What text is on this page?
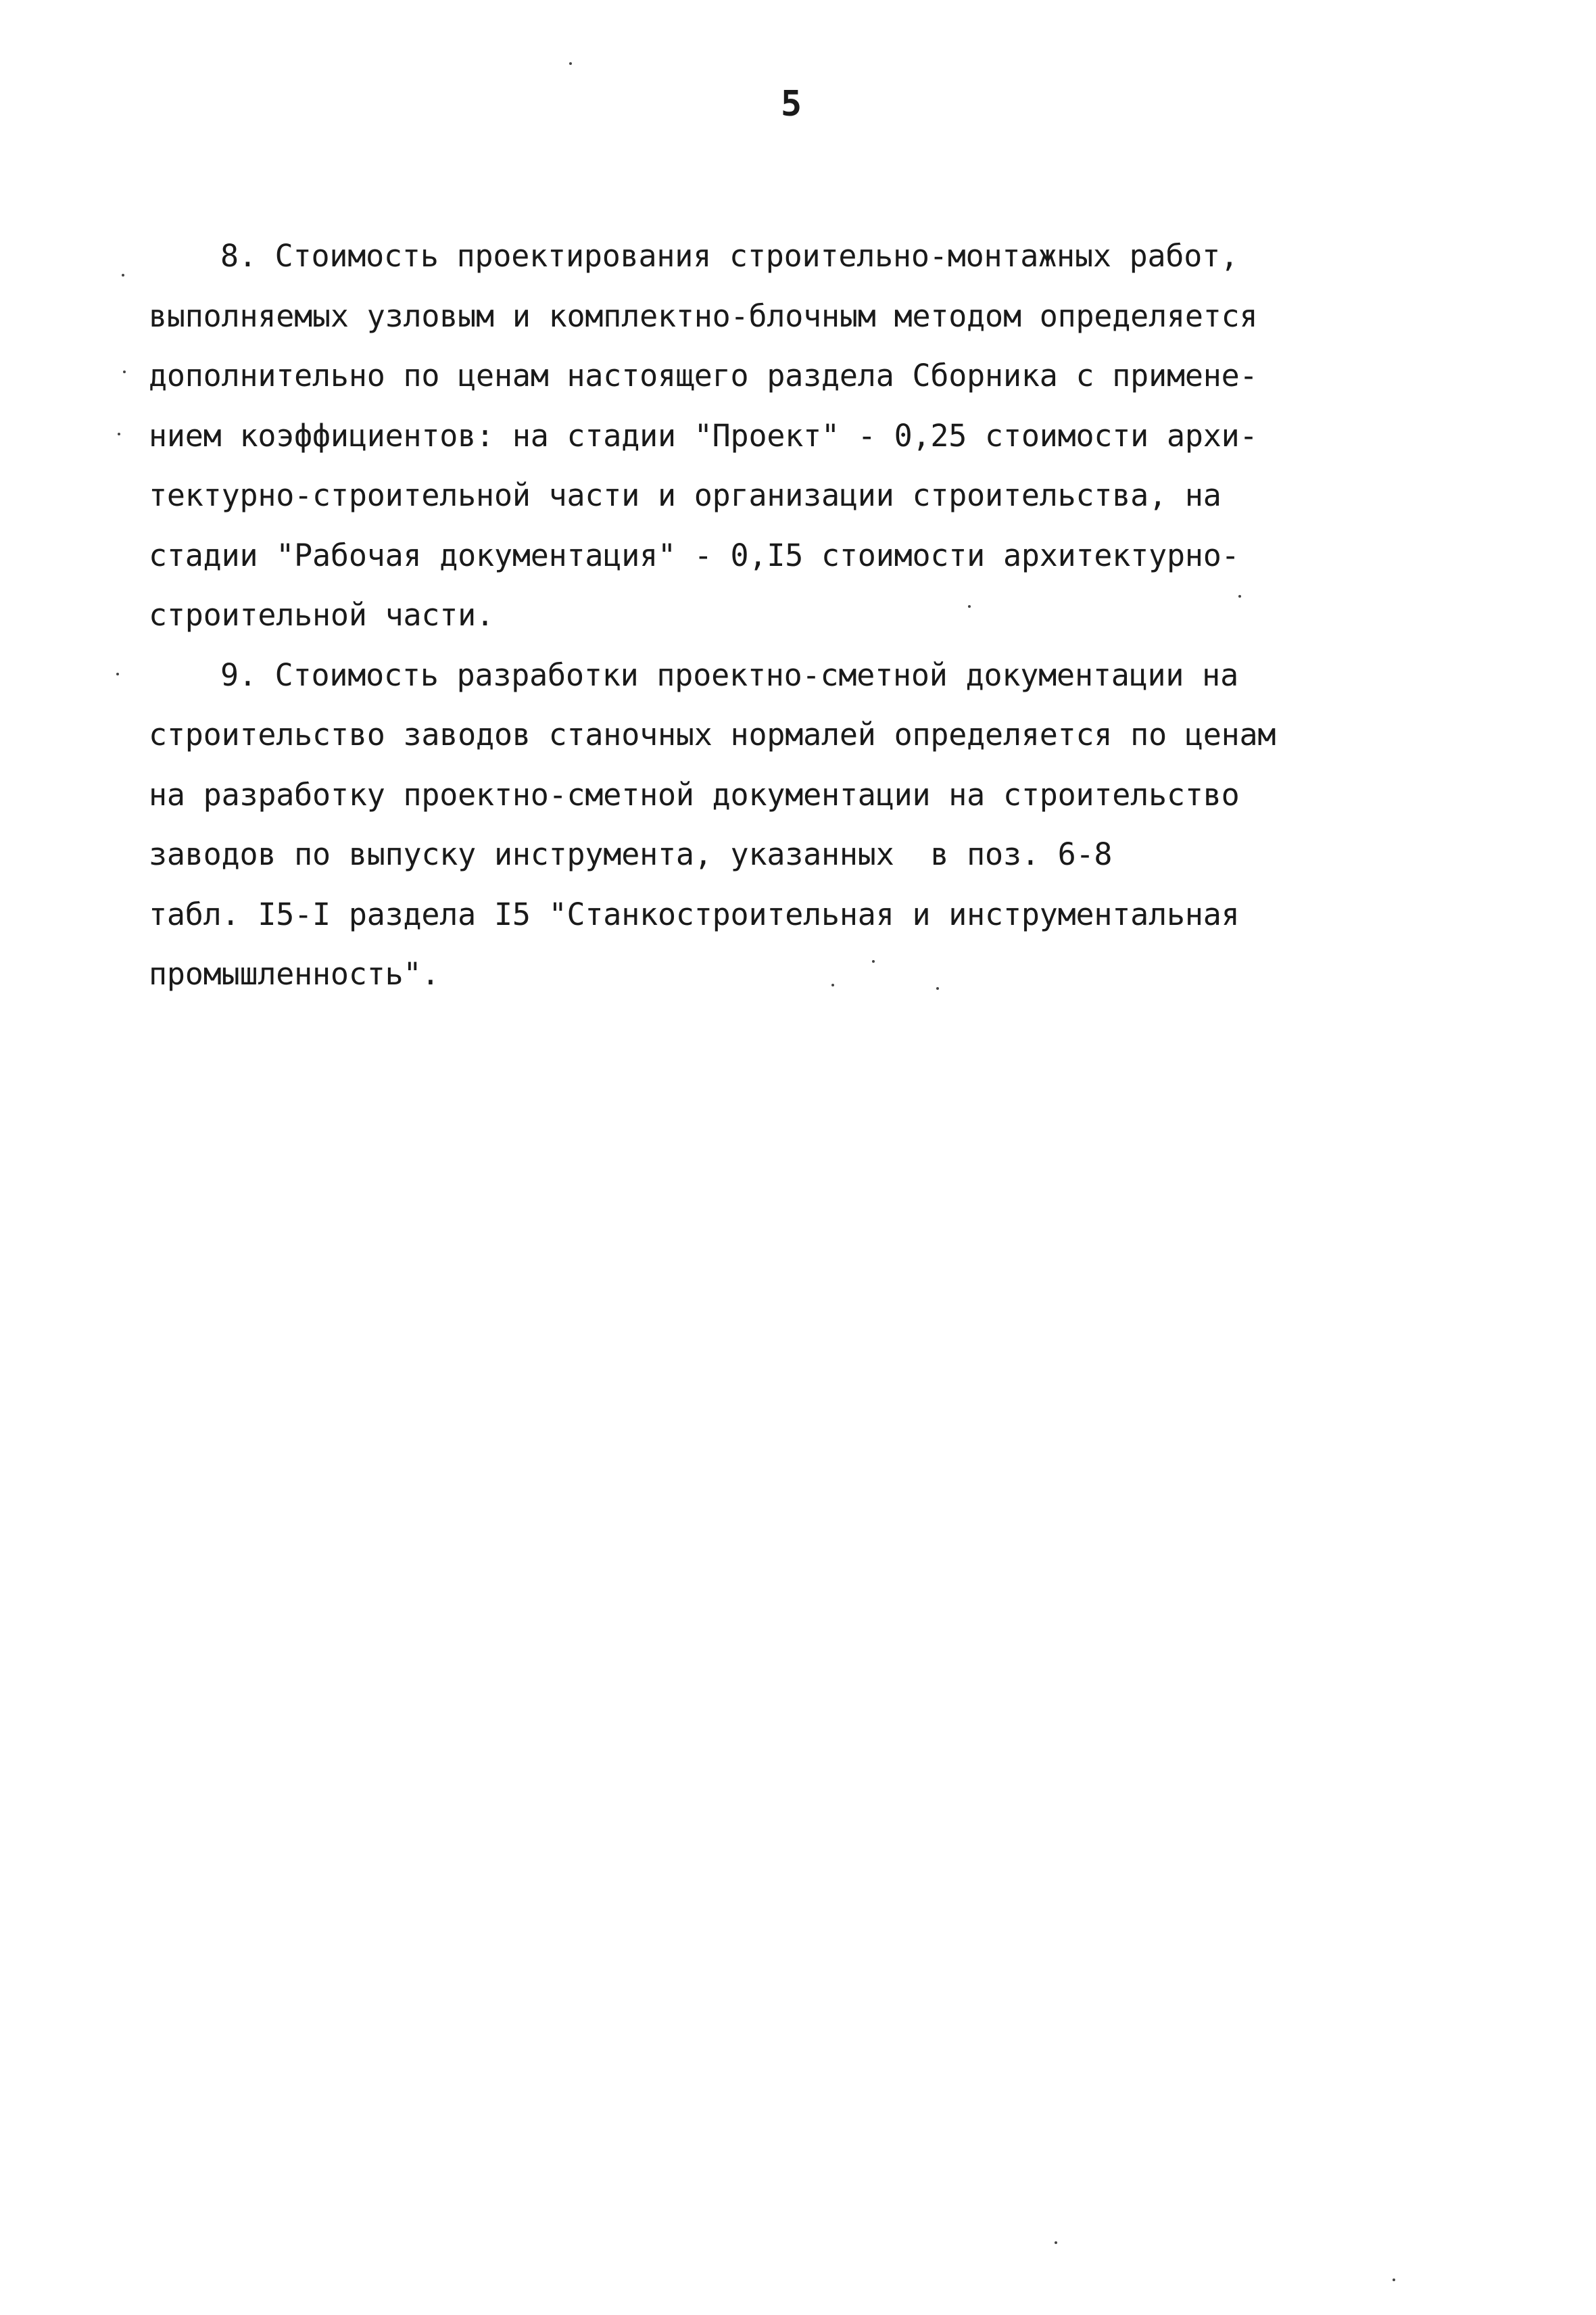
5

8. Стоимость проектирования строительно-монтажных работ,
выполняемых узловым и комплектно-блочным методом определяется
дополнительно по ценам настоящего раздела Сборника с примене-
нием коэффициентов: на стадии "Проект" - 0,25 стоимости архи-
тектурно-строительной части и организации строительства, на
стадии "Рабочая документация" - 0,I5 стоимости архитектурно-
строительной части.

9. Стоимость разработки проектно-сметной документации на
строительство заводов станочных нормалей определяется по ценам
на разработку проектно-сметной документации на строительство
заводов по выпуску инструмента, указанных  в поз. 6-8
табл. I5-I раздела I5 "Станкостроительная и инструментальная
промышленность".
